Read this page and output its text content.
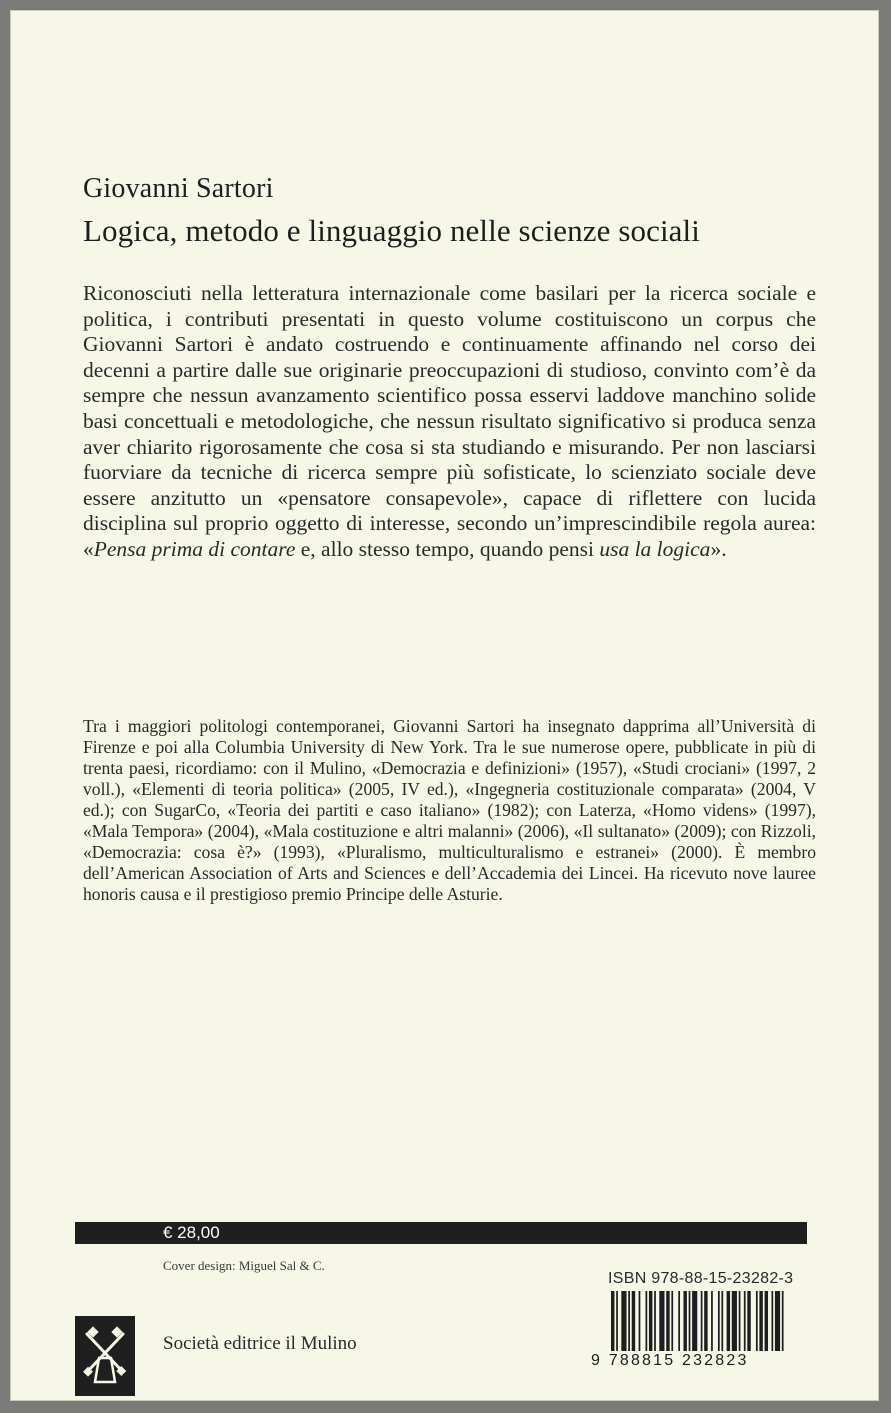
Giovanni Sartori
Logica, metodo e linguaggio nelle scienze sociali

Riconosciuti nella letteratura internazionale come basilari per la ricerca sociale e politica, i contributi presentati in questo volume costituiscono un corpus che Giovanni Sartori è andato costruendo e continuamente affinando nel corso dei decenni a partire dalle sue originarie preoccupazioni di studioso, convinto com’è da sempre che nessun avanzamento scientifico possa esservi laddove manchino solide basi concettuali e metodologiche, che nessun risultato significativo si produca senza aver chiarito rigorosamente che cosa si sta studiando e misurando. Per non lasciarsi fuorviare da tecniche di ricerca sempre più sofisticate, lo scienziato sociale deve essere anzitutto un «pensatore consapevole», capace di riflettere con lucida disciplina sul proprio oggetto di interesse, secondo un’imprescindibile regola aurea: «Pensa prima di contare e, allo stesso tempo, quando pensi usa la logica».

Tra i maggiori politologi contemporanei, Giovanni Sartori ha insegnato dapprima all’Università di Firenze e poi alla Columbia University di New York. Tra le sue numerose opere, pubblicate in più di trenta paesi, ricordiamo: con il Mulino, «Democrazia e definizioni» (1957), «Studi crociani» (1997, 2 voll.), «Elementi di teoria politica» (2005, IV ed.), «Ingegneria costituzionale comparata» (2004, V ed.); con SugarCo, «Teoria dei partiti e caso italiano» (1982); con Laterza, «Homo videns» (1997), «Mala Tempora» (2004), «Mala costituzione e altri malanni» (2006), «Il sultanato» (2009); con Rizzoli, «Democrazia: cosa è?» (1993), «Pluralismo, multiculturalismo e estranei» (2000). È membro dell’American Association of Arts and Sciences e dell’Accademia dei Lincei. Ha ricevuto nove lauree honoris causa e il prestigioso premio Principe delle Asturie.

€ 28,00
Cover design: Miguel Sal & C.
ISBN 978-88-15-23282-3
9 788815 232823
Società editrice il Mulino
